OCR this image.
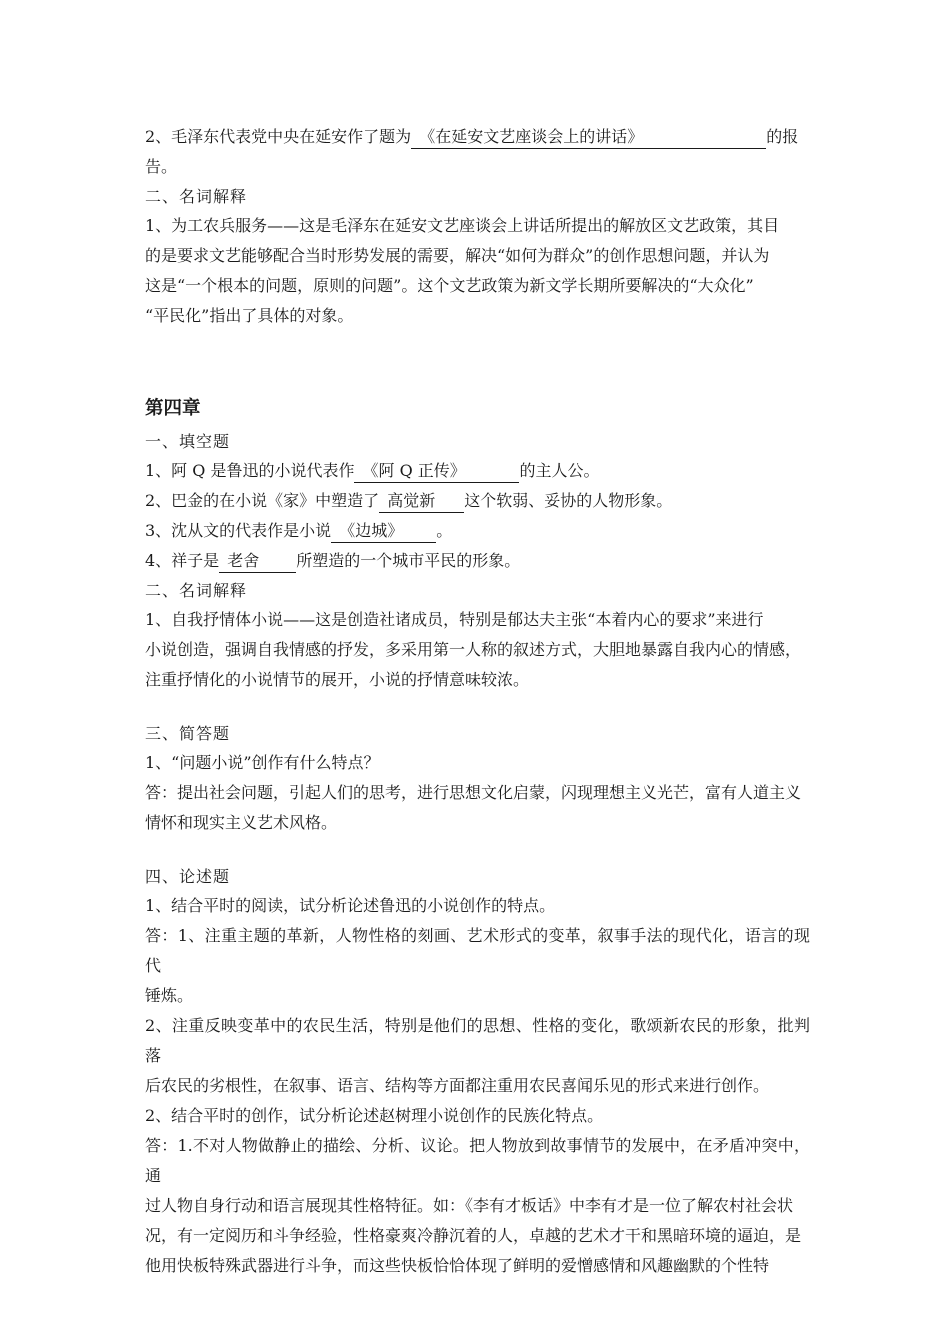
2、毛泽东代表党中央在延安作了题为 《在延安文艺座谈会上的讲话》	的报

告。

二、名词解释

1、为工农兵服务——这是毛泽东在延安文艺座谈会上讲话所提出的解放区文艺政策，其目

的是要求文艺能够配合当时形势发展的需要，解决“如何为群众”的创作思想问题，并认为

这是“一个根本的问题，原则的问题”。这个文艺政策为新文学长期所要解决的“大众化”

“平民化”指出了具体的对象。

第四章

一、填空题

1、阿 Q 是鲁迅的小说代表作 《阿 Q 正传》	的主人公。

2、巴金的在小说《家》中塑造了 高觉新 这个软弱、妥协的人物形象。

3、沈从文的代表作是小说 《边城》 。

4、祥子是 老舍 所塑造的一个城市平民的形象。

二、名词解释

1、自我抒情体小说——这是创造社诸成员，特别是郁达夫主张“本着内心的要求”来进行

小说创造，强调自我情感的抒发，多采用第一人称的叙述方式，大胆地暴露自我内心的情感，

注重抒情化的小说情节的展开，小说的抒情意味较浓。

三、简答题

1、“问题小说”创作有什么特点？

答：提出社会问题，引起人们的思考，进行思想文化启蒙，闪现理想主义光芒，富有人道主义

情怀和现实主义艺术风格。

四、论述题

1、结合平时的阅读，试分析论述鲁迅的小说创作的特点。

答：1、注重主题的革新，人物性格的刻画、艺术形式的变革，叙事手法的现代化，语言的现代

锤炼。

2、注重反映变革中的农民生活，特别是他们的思想、性格的变化，歌颂新农民的形象，批判落

后农民的劣根性，在叙事、语言、结构等方面都注重用农民喜闻乐见的形式来进行创作。

2、结合平时的创作，试分析论述赵树理小说创作的民族化特点。

答：1.不对人物做静止的描绘、分析、议论。把人物放到故事情节的发展中，在矛盾冲突中，通

过人物自身行动和语言展现其性格特征。如：《李有才板话》中李有才是一位了解农村社会状

况，有一定阅历和斗争经验，性格豪爽冷静沉着的人，卓越的艺术才干和黑暗环境的逼迫，是

他用快板特殊武器进行斗争，而这些快板恰恰体现了鲜明的爱憎感情和风趣幽默的个性特
